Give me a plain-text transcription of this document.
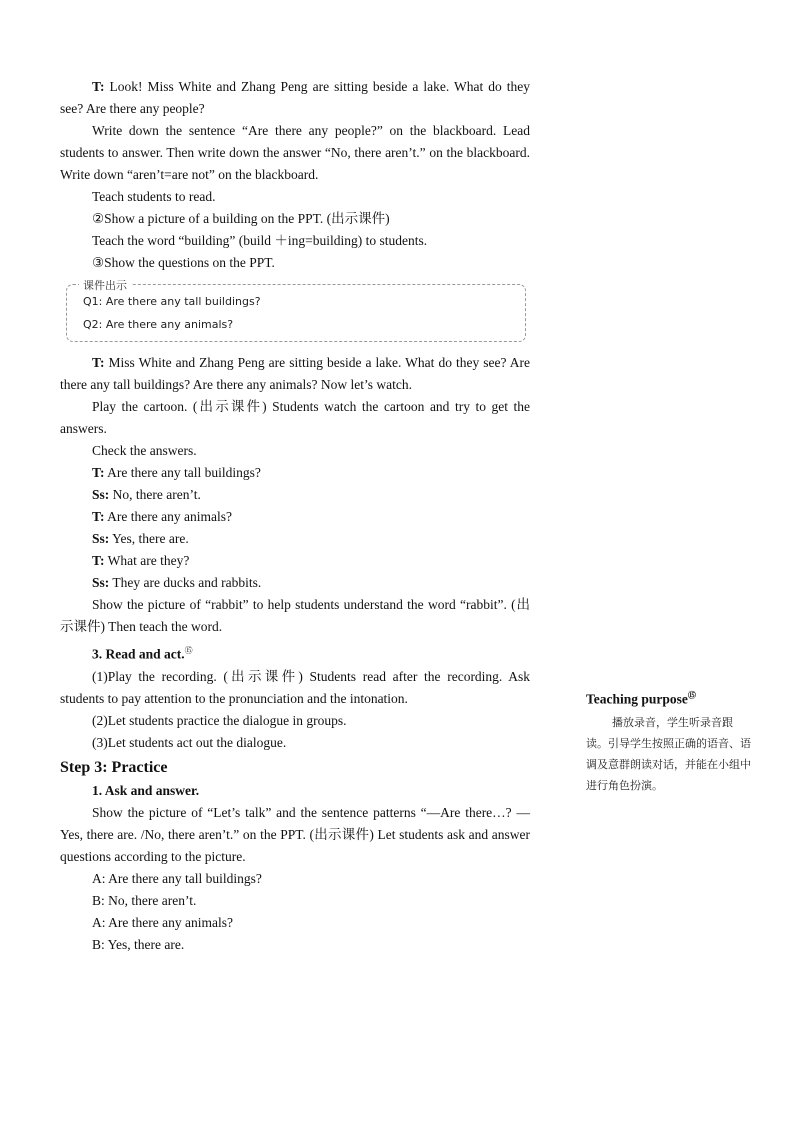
T: Look! Miss White and Zhang Peng are sitting beside a lake. What do they see? Are there any people?

Write down the sentence “Are there any people?” on the blackboard. Lead students to answer. Then write down the answer “No, there aren’t.” on the blackboard. Write down “aren’t=are not” on the blackboard.

Teach students to read.

②Show a picture of a building on the PPT. (出示课件)

Teach the word “building” (build ＋ing=building) to students.

③Show the questions on the PPT.

课件出示
Q1: Are there any tall buildings?
Q2: Are there any animals?

T: Miss White and Zhang Peng are sitting beside a lake. What do they see? Are there any tall buildings? Are there any animals? Now let’s watch.

Play the cartoon. (出示课件) Students watch the cartoon and try to get the answers.

Check the answers.

T: Are there any tall buildings?

Ss: No, there aren’t.

T: Are there any animals?

Ss: Yes, there are.

T: What are they?

Ss: They are ducks and rabbits.

Show the picture of “rabbit” to help students understand the word “rabbit”. (出示课件) Then teach the word.

3. Read and act.⑮

(1)Play the recording. (出示课件) Students read after the recording. Ask students to pay attention to the pronunciation and the intonation.

(2)Let students practice the dialogue in groups.

(3)Let students act out the dialogue.

Step 3: Practice

1. Ask and answer.

Show the picture of “Let’s talk” and the sentence patterns “—Are there…? —Yes, there are. /No, there aren’t.” on the PPT. (出示课件) Let students ask and answer questions according to the picture.

A: Are there any tall buildings?

B: No, there aren’t.

A: Are there any animals?

B: Yes, there are.

Teaching purpose⑮

播放录音，学生听录音跟读。引导学生按照正确的语音、语调及意群朗读对话，并能在小组中进行角色扮演。
